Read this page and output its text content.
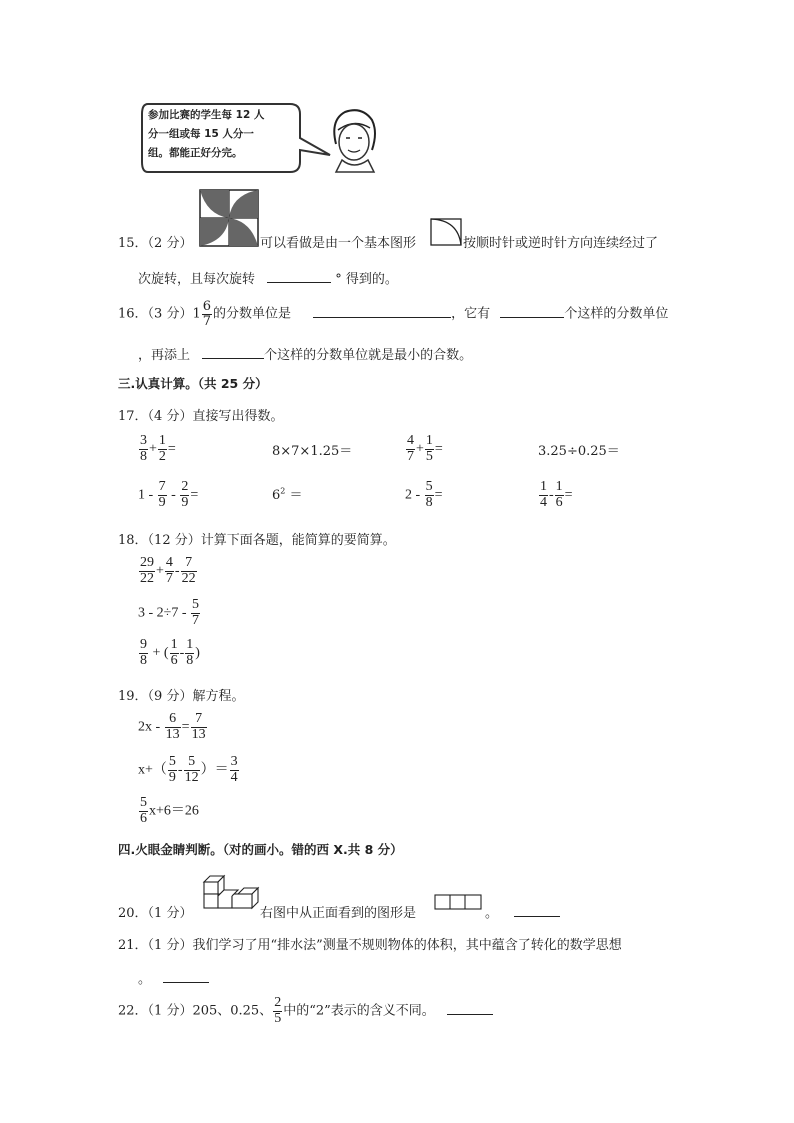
参加比赛的学生每 12 人
分一组或每 15 人分一
组。都能正好分完。
15．（2 分）	可以看做是由一个基本图形	按顺时针或逆时针方向连续经过了
次旋转，且每次旋转	° 得到的。
16．（3 分）$1 \frac{6}{7}$ 的分数单位是	，它有	个这样的分数单位
，再添上	个这样的分数单位就是最小的合数。
三.认真计算。（共 25 分）
17．（4 分）直接写出得数。
$\frac{3}{8} + \frac{1}{2}$ =	8×7×1.25＝	$\frac{4}{7} + \frac{1}{5}$ =	3.25÷0.25＝
$1 - \frac{7}{9} - \frac{2}{9}$ =	$6^2$ ＝	$2 - \frac{5}{8}$ =	$\frac{1}{4} - \frac{1}{6}$ =
18．（12 分）计算下面各题，能简算的要简算。
$\frac{29}{22} + \frac{4}{7} - \frac{7}{22}$
$3 - 2\div 7 - \frac{5}{7}$
$\frac{9}{8}$ + ( $\frac{1}{6} - \frac{1}{8}$ )
19．（9 分）解方程。
$2x - \frac{6}{13} = \frac{7}{13}$
$x+( \frac{5}{9} - \frac{5}{12}$ ）＝ $\frac{3}{4}$
$\frac{5}{6} x+6=26$
四.火眼金睛判断。（对的画小。错的西 X.共 8 分）
20．（1 分）	右图中从正面看到的图形是	。
21．（1 分）我们学习了用“排水法”测量不规则物体的体积，其中蕴含了转化的数学思想
。
22．（1 分）205、0.25、 $\frac{2}{5}$ 中的“2”表示的含义不同。
